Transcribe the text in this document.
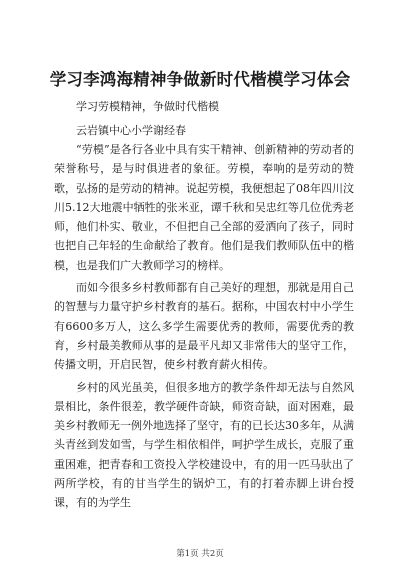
学习李鸿海精神争做新时代楷模学习体会
学习劳模精神，争做时代楷模
云岩镇中心小学谢经春

“劳模”是各行各业中具有实干精神、创新精神的劳动者的荣誉称号，是与时俱进者的象征。劳模，奉响的是劳动的赞歌，弘扬的是劳动的精神。说起劳模，我便想起了08年四川汶川5.12大地震中牺牲的张米亚，谭千秋和吴忠红等几位优秀老师，他们朴实、敬业，不但把自己全部的爱洒向了孩子，同时也把自己年轻的生命献给了教育。他们是我们教师队伍中的楷模，也是我们广大教师学习的榜样。

而如今很多乡村教师都有自己美好的理想，那就是用自己的智慧与力量守护乡村教育的基石。据称，中国农村中小学生有6600多万人，这么多学生需要优秀的教师，需要优秀的教育，乡村最美教师从事的是最平凡却又非常伟大的坚守工作，传播文明，开启民智，使乡村教育薪火相传。

乡村的风光虽美，但很多地方的教学条件却无法与自然风景相比，条件很差，教学硬件奇缺，师资奇缺，面对困难，最美乡村教师无一例外地选择了坚守，有的已长达30多年，从满头青丝到发如雪，与学生相依相伴，呵护学生成长，克服了重重困难，把青春和工资投入学校建设中，有的用一匹马驮出了两所学校，有的甘当学生的锅炉工，有的打着赤脚上讲台授课，有的为学生

第1页 共2页
